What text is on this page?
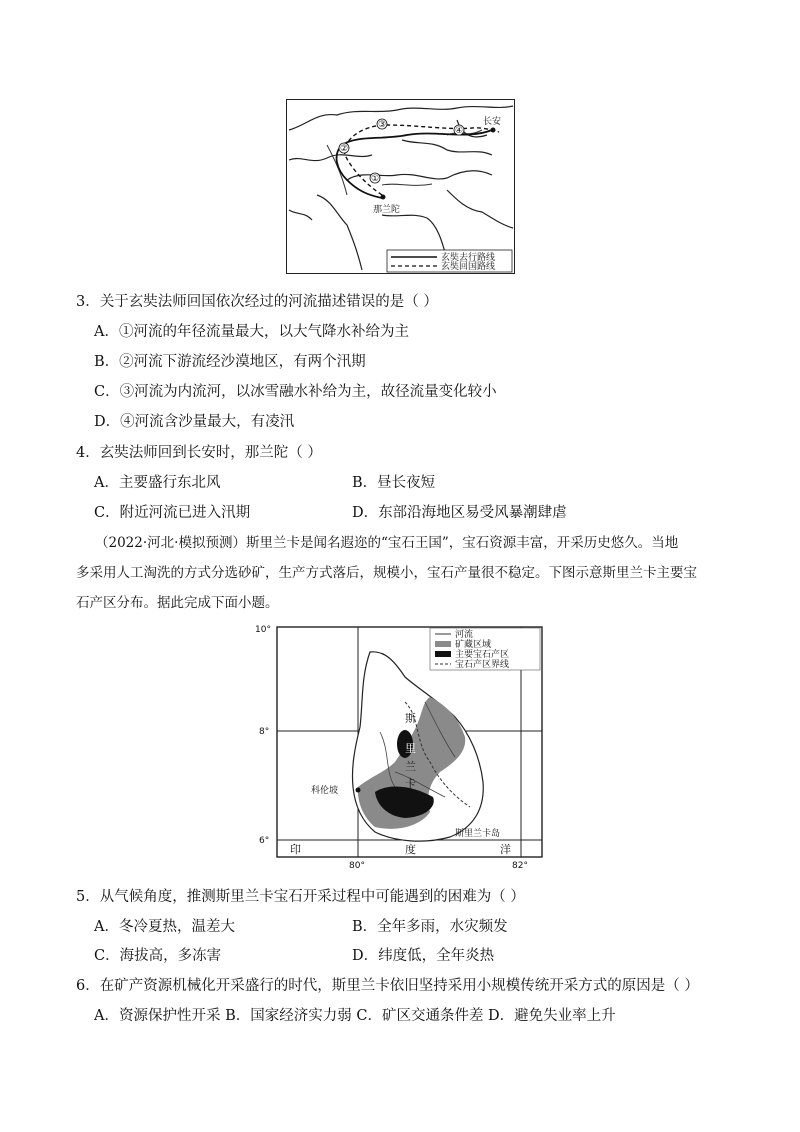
①
②
③
④
长安
那兰陀
玄奘去行路线
玄奘回国路线
3．关于玄奘法师回国依次经过的河流描述错误的是（ ）
A．①河流的年径流量最大，以大气降水补给为主
B．②河流下游流经沙漠地区，有两个汛期
C．③河流为内流河，以冰雪融水补给为主，故径流量变化较小
D．④河流含沙量最大，有凌汛
4．玄奘法师回到长安时，那兰陀（ ）
A．主要盛行东北风	B．昼长夜短
C．附近河流已进入汛期	D．东部沿海地区易受风暴潮肆虐
（2022·河北·模拟预测）斯里兰卡是闻名遐迩的“宝石王国”，宝石资源丰富，开采历史悠久。当地
多采用人工淘洗的方式分选砂矿，生产方式落后，规模小，宝石产量很不稳定。下图示意斯里兰卡主要宝
石产区分布。据此完成下面小题。
河流
矿藏区域
主要宝石产区
宝石产区界线
10°
8°
6°
80°	82°
科伦坡
斯
里
兰
卡
斯里兰卡岛
印	度	洋
5．从气候角度，推测斯里兰卡宝石开采过程中可能遇到的困难为（ ）
A．冬冷夏热，温差大	B．全年多雨，水灾频发
C．海拔高，多冻害	D．纬度低，全年炎热
6．在矿产资源机械化开采盛行的时代，斯里兰卡依旧坚持采用小规模传统开采方式的原因是（ ）
A．资源保护性开采 B．国家经济实力弱 C．矿区交通条件差 D．避免失业率上升
